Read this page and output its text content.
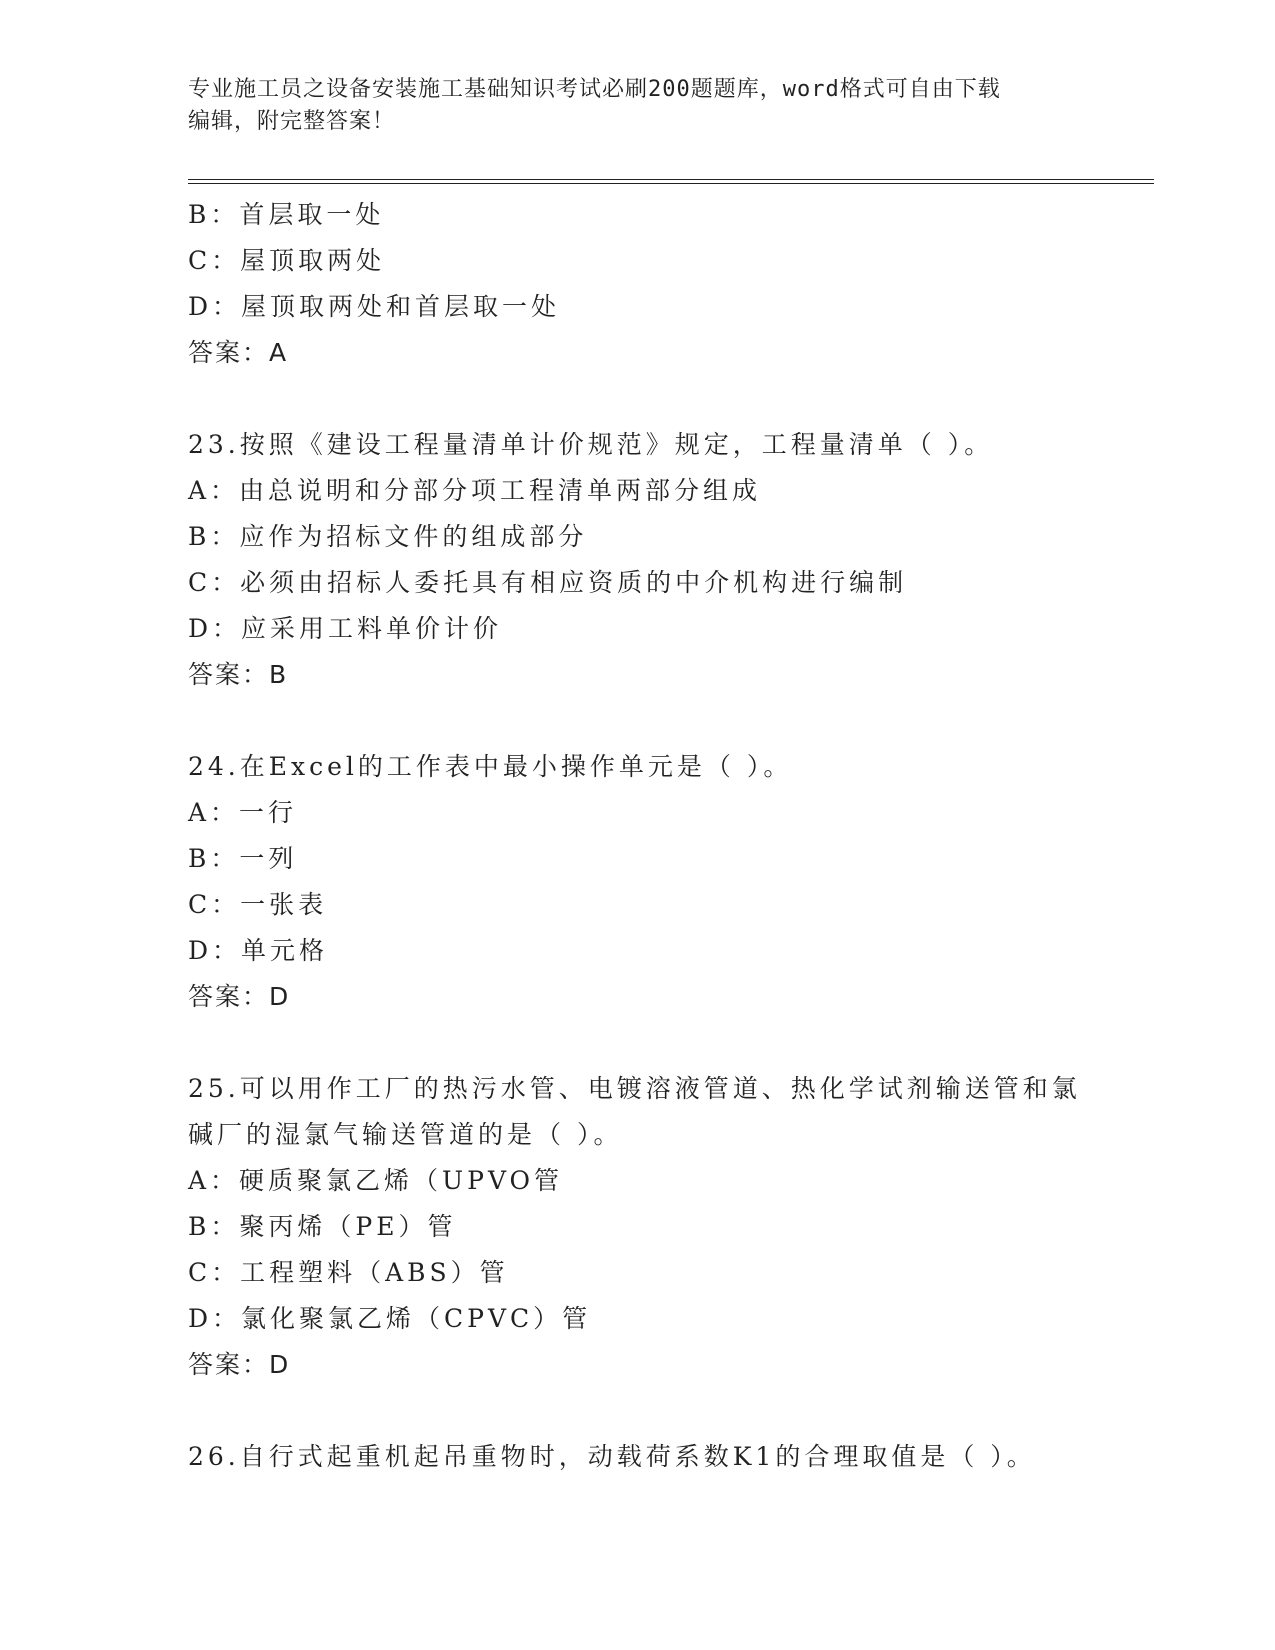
专业施工员之设备安装施工基础知识考试必刷200题题库，word格式可自由下载
编辑，附完整答案！
B：首层取一处
C：屋顶取两处
D：屋顶取两处和首层取一处
答案：A
23.按照《建设工程量清单计价规范》规定，工程量清单（ ）。
A：由总说明和分部分项工程清单两部分组成
B：应作为招标文件的组成部分
C：必须由招标人委托具有相应资质的中介机构进行编制
D：应采用工料单价计价
答案：B
24.在Excel的工作表中最小操作单元是（ ）。
A：一行
B：一列
C：一张表
D：单元格
答案：D
25.可以用作工厂的热污水管、电镀溶液管道、热化学试剂输送管和氯
碱厂的湿氯气输送管道的是（ ）。
A：硬质聚氯乙烯（UPVO管
B：聚丙烯（PE）管
C：工程塑料（ABS）管
D：氯化聚氯乙烯（CPVC）管
答案：D
26.自行式起重机起吊重物时，动载荷系数K1的合理取值是（ ）。
